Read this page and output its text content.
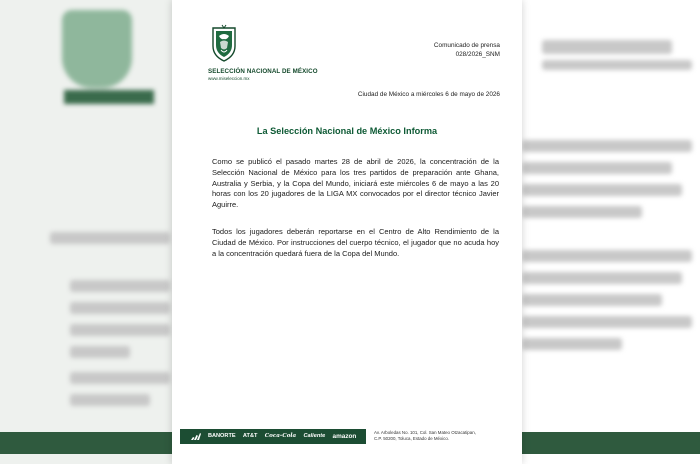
SELECCIÓN NACIONAL DE MÉXICO
www.miseleccion.mx
Comunicado de prensa
028/2026_SNM
Ciudad de México a miércoles 6 de mayo de 2026
La Selección Nacional de México Informa

Como se publicó el pasado martes 28 de abril de 2026, la concentración de la Selección Nacional de México para los tres partidos de preparación ante Ghana, Australia y Serbia, y la Copa del Mundo, iniciará este miércoles 6 de mayo a las 20 horas con los 20 jugadores de la LIGA MX convocados por el director técnico Javier Aguirre.

Todos los jugadores deberán reportarse en el Centro de Alto Rendimiento de la Ciudad de México. Por instrucciones del cuerpo técnico, el jugador que no acuda hoy a la concentración quedará fuera de la Copa del Mundo.

BANORTE AT&T Coca-Cola Caliente amazon	Av. Arboledas No. 101, Col. San Mateo Otzacatipan,
C.P. 50200, Toluca, Estado de México.
